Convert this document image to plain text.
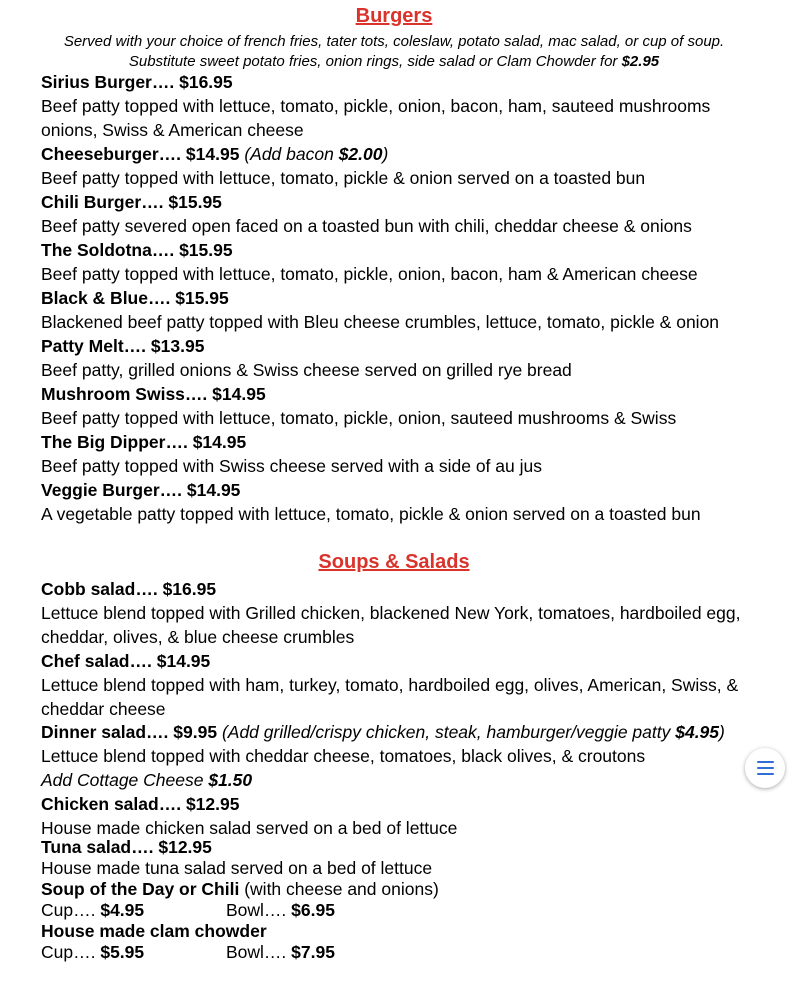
Burgers
Served with your choice of french fries, tater tots, coleslaw, potato salad, mac salad, or cup of soup.
Substitute sweet potato fries, onion rings, side salad or Clam Chowder for $2.95
Sirius Burger…. $16.95
Beef patty topped with lettuce, tomato, pickle, onion, bacon, ham, sauteed mushrooms onions, Swiss & American cheese
Cheeseburger…. $14.95 (Add bacon $2.00)
Beef patty topped with lettuce, tomato, pickle & onion served on a toasted bun
Chili Burger…. $15.95
Beef patty severed open faced on a toasted bun with chili, cheddar cheese & onions
The Soldotna…. $15.95
Beef patty topped with lettuce, tomato, pickle, onion, bacon, ham & American cheese
Black & Blue…. $15.95
Blackened beef patty topped with Bleu cheese crumbles, lettuce, tomato, pickle & onion
Patty Melt…. $13.95
Beef patty, grilled onions & Swiss cheese served on grilled rye bread
Mushroom Swiss…. $14.95
Beef patty topped with lettuce, tomato, pickle, onion, sauteed mushrooms & Swiss
The Big Dipper…. $14.95
Beef patty topped with Swiss cheese served with a side of au jus
Veggie Burger…. $14.95
A vegetable patty topped with lettuce, tomato, pickle & onion served on a toasted bun
Soups & Salads
Cobb salad…. $16.95
Lettuce blend topped with Grilled chicken, blackened New York, tomatoes, hardboiled egg, cheddar, olives, & blue cheese crumbles
Chef salad…. $14.95
Lettuce blend topped with ham, turkey, tomato, hardboiled egg, olives, American, Swiss, & cheddar cheese
Dinner salad…. $9.95 (Add grilled/crispy chicken, steak, hamburger/veggie patty $4.95)
Lettuce blend topped with cheddar cheese, tomatoes, black olives, & croutons
Add Cottage Cheese $1.50
Chicken salad…. $12.95
House made chicken salad served on a bed of lettuce
Tuna salad…. $12.95
House made tuna salad served on a bed of lettuce
Soup of the Day or Chili (with cheese and onions)
Cup…. $4.95	Bowl…. $6.95
House made clam chowder
Cup…. $5.95	Bowl…. $7.95
